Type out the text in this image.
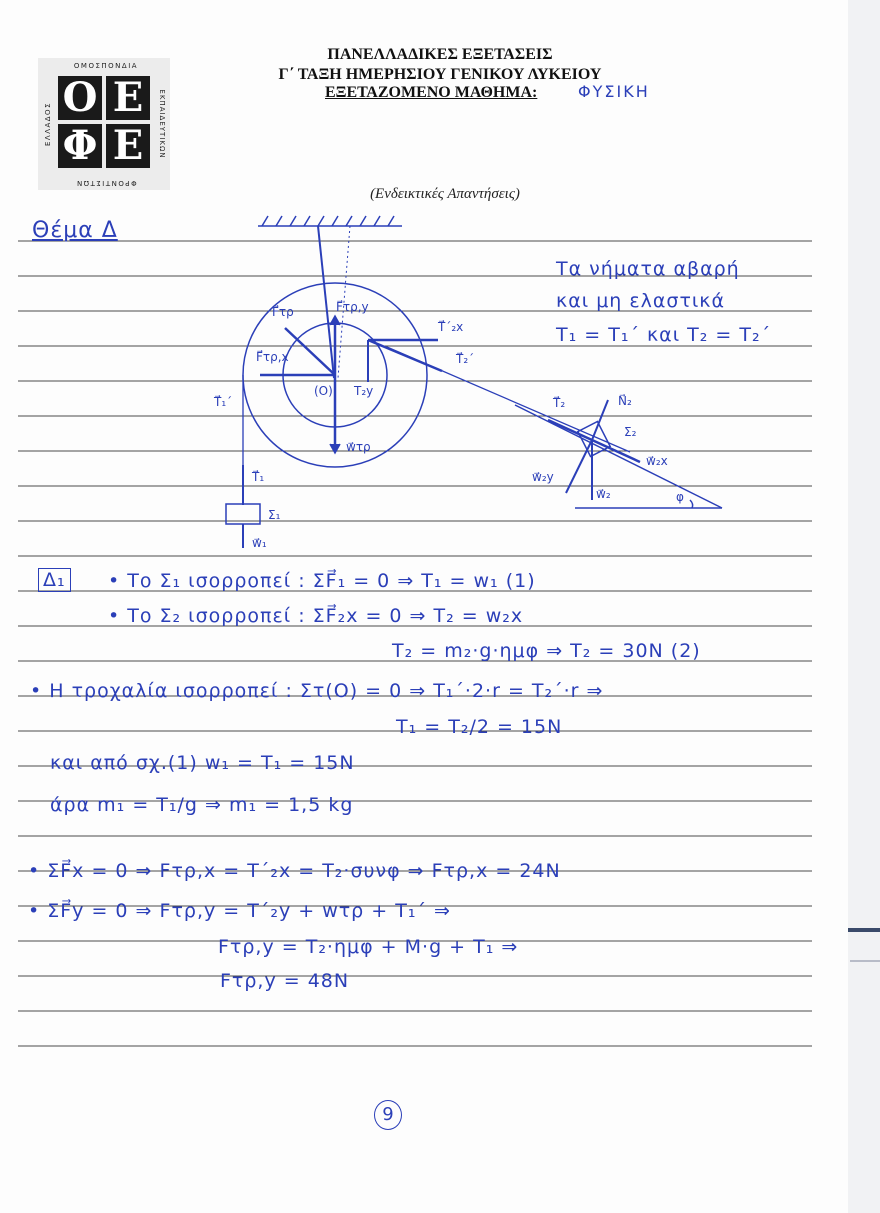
ΟΜΟΣΠΟΝΔΙΑ
ΕΚΠΑΙΔΕΥΤΙΚΩΝ
ΦΡΟΝΤΙΣΤΩΝ
ΕΛΛΑΔΟΣ
Ο Ε
Φ Ε
ΠΑΝΕΛΛΑΔΙΚΕΣ ΕΞΕΤΑΣΕΙΣ
Γ΄ ΤΑΞΗ ΗΜΕΡΗΣΙΟΥ ΓΕΝΙΚΟΥ ΛΥΚΕΙΟΥ
ΕΞΕΤΑΖΟΜΕΝΟ ΜΑΘΗΜΑ:	ΦΥΣΙΚΗ
(Ενδεικτικές Απαντήσεις)
Θέμα Δ
Τα νήματα αβαρή
και μη ελαστικά
T₁ = T₁΄ και T₂ = T₂΄
F⃗τρ	F⃗τρ,y
F⃗τρ,x
T⃗΄₂x
T⃗₂΄
T₂y
(O)
w⃗τρ
T⃗₁΄
T⃗₁
Σ₁
w⃗₁
T⃗₂	N⃗₂
Σ₂
w⃗₂x
w⃗₂y
w⃗₂	φ
Δ₁ • Το Σ₁ ισορροπεί : ΣF⃗₁ = 0 ⇒ T₁ = w₁ (1)
• Το Σ₂ ισορροπεί : ΣF⃗₂x = 0 ⇒ T₂ = w₂x
T₂ = m₂·g·ημφ ⇒ T₂ = 30N (2)
• Η τροχαλία ισορροπεί : Στ(O) = 0 ⇒ T₁΄·2·r = T₂΄·r ⇒
T₁ = T₂/2 = 15N
και από σχ.(1) w₁ = T₁ = 15N
άρα m₁ = T₁/g ⇒ m₁ = 1,5 kg
• ΣF⃗x = 0 ⇒ Fτρ,x = T΄₂x = T₂·συνφ ⇒ Fτρ,x = 24N
• ΣF⃗y = 0 ⇒ Fτρ,y = T΄₂y + wτρ + T₁΄ ⇒
Fτρ,y = T₂·ημφ + M·g + T₁ ⇒
Fτρ,y = 48N
9
